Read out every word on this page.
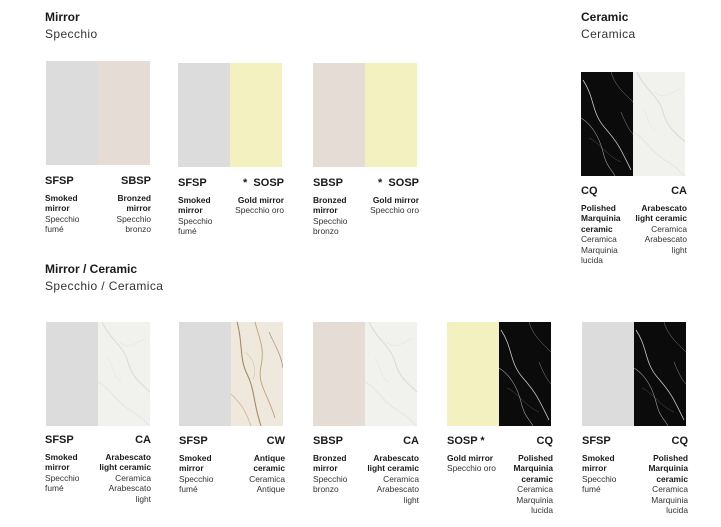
Mirror
Specchio
Ceramic
Ceramica
Mirror / Ceramic
Specchio / Ceramica
SFSP	SBSP
Smoked mirror
Specchio fumé
Bronzed mirror
Specchio bronzo
SFSP	* SOSP
Smoked mirror
Specchio fumé
Gold mirror
Specchio oro
SBSP	* SOSP
Bronzed mirror
Specchio bronzo
Gold mirror
Specchio oro
CQ	CA
Polished Marquinia ceramic
Ceramica Marquinia lucida
Arabescato light ceramic
Ceramica Arabescato light
SFSP	CA
Smoked mirror
Specchio fumé
Arabescato light ceramic
Ceramica Arabescato light
SFSP	CW
Smoked mirror
Specchio fumé
Antique ceramic
Ceramica Antique
SBSP	CA
Bronzed mirror
Specchio bronzo
Arabescato light ceramic
Ceramica Arabescato light
SOSP *	CQ
Gold mirror
Specchio oro
Polished Marquinia ceramic
Ceramica Marquinia lucida
SFSP	CQ
Smoked mirror
Specchio fumé
Polished Marquinia ceramic
Ceramica Marquinia lucida
